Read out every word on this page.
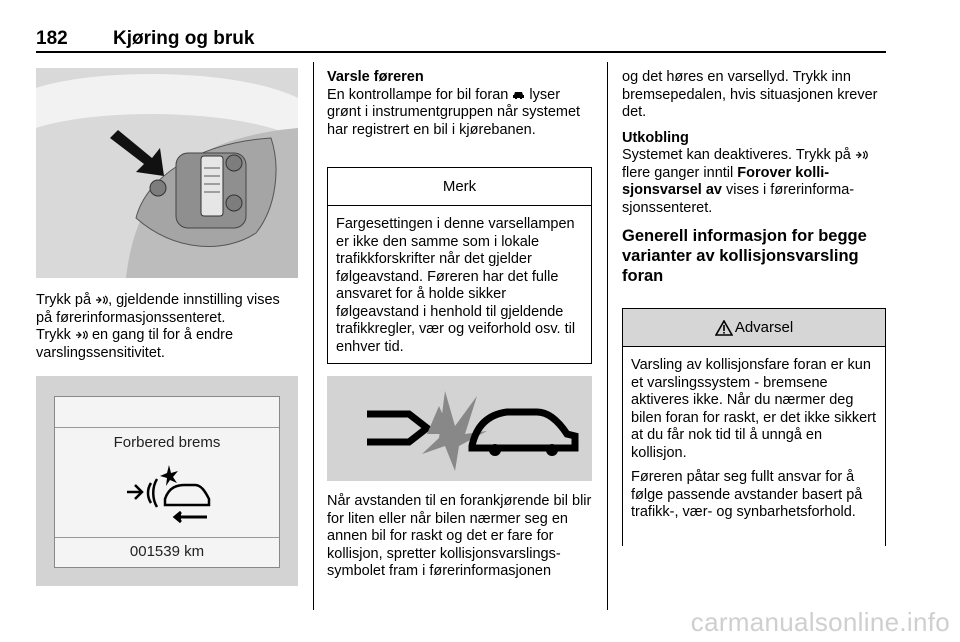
182 Kjøring og bruk

Trykk på , gjeldende innstilling vises på førerinformasjonssenteret.

Trykk  en gang til for å endre varslingssensitivitet.

Forbered brems
001539 km

Varsle føreren

En kontrollampe for bil foran  lyser grønt i instrumentgruppen når systemet har registrert en bil i kjørebanen.

Merk
Fargesettingen i denne varsellampen er ikke den samme som i lokale trafikkforskrifter når det gjelder følgeavstand. Føreren har det fulle ansvaret for å holde sikker følgeavstand i henhold til gjeldende trafikkregler, vær og veiforhold osv. til enhver tid.

Når avstanden til en forankjørende bil blir for liten eller når bilen nærmer seg en annen bil for raskt og det er fare for kollisjon, spretter kollisjonsvarslingssymbolet fram i førerinformasjonen

og det høres en varsellyd. Trykk inn bremsepedalen, hvis situasjonen krever det.

Utkobling

Systemet kan deaktiveres. Trykk på  flere ganger inntil Forover kollisjonsvarsel av vises i førerinformasjonssenteret.

Generell informasjon for begge varianter av kollisjonsvarsling foran

Advarsel

Varsling av kollisjonsfare foran er kun et varslingssystem - bremsene aktiveres ikke. Når du nærmer deg bilen foran for raskt, er det ikke sikkert at du får nok tid til å unngå en kollisjon.

Føreren påtar seg fullt ansvar for å følge passende avstander basert på trafikk-, vær- og synbarhetsforhold.

carmanualsonline.info
